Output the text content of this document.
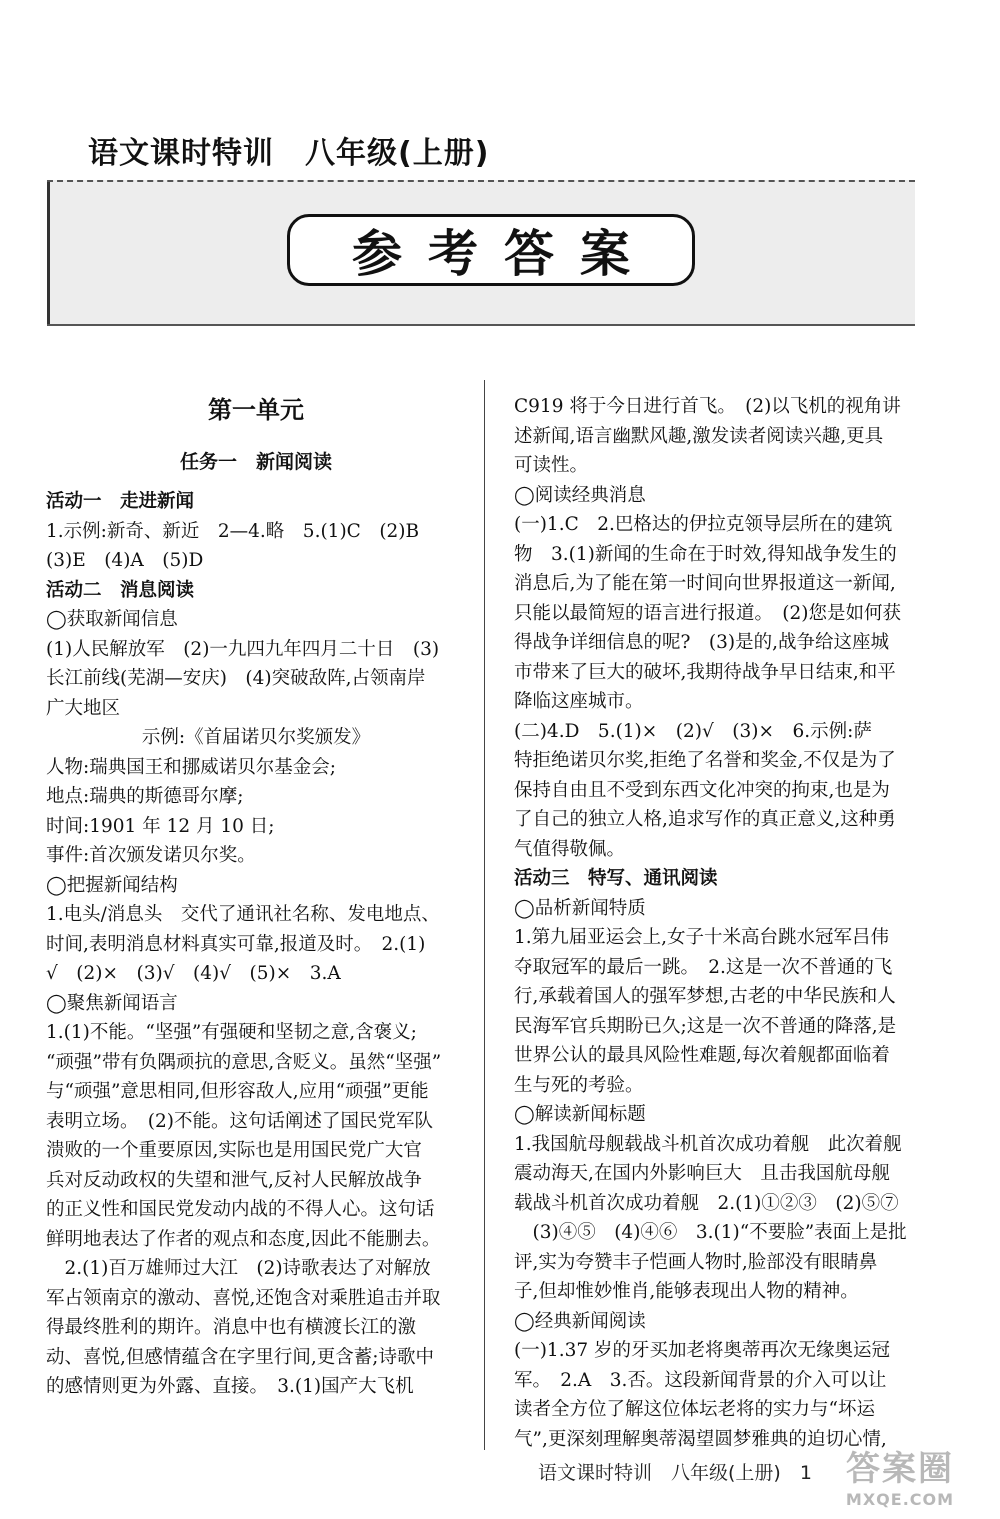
语文课时特训　八年级(上册)
参考答案

第一单元

任务一　新闻阅读

活动一　走进新闻

1.示例:新奇、新近　2—4.略　5.(1)C　(2)B

(3)E　(4)A　(5)D

活动二　消息阅读

◯获取新闻信息

(1)人民解放军　(2)一九四九年四月二十日　(3)

长江前线(芜湖—安庆)　(4)突破敌阵,占领南岸

广大地区

示例:《首届诺贝尔奖颁发》

人物:瑞典国王和挪威诺贝尔基金会;

地点:瑞典的斯德哥尔摩;

时间:1901 年 12 月 10 日;

事件:首次颁发诺贝尔奖。

◯把握新闻结构

1.电头/消息头　交代了通讯社名称、发电地点、

时间,表明消息材料真实可靠,报道及时。　2.(1)

√　(2)×　(3)√　(4)√　(5)×　3.A

◯聚焦新闻语言

1.(1)不能。“坚强”有强硬和坚韧之意,含褒义;

“顽强”带有负隅顽抗的意思,含贬义。虽然“坚强”

与“顽强”意思相同,但形容敌人,应用“顽强”更能

表明立场。　(2)不能。这句话阐述了国民党军队

溃败的一个重要原因,实际也是用国民党广大官

兵对反动政权的失望和泄气,反衬人民解放战争

的正义性和国民党发动内战的不得人心。这句话

鲜明地表达了作者的观点和态度,因此不能删去。

　2.(1)百万雄师过大江　(2)诗歌表达了对解放

军占领南京的激动、喜悦,还饱含对乘胜追击并取

得最终胜利的期许。消息中也有横渡长江的激

动、喜悦,但感情蕴含在字里行间,更含蓄;诗歌中

的感情则更为外露、直接。　3.(1)国产大飞机

C919 将于今日进行首飞。　(2)以飞机的视角讲

述新闻,语言幽默风趣,激发读者阅读兴趣,更具

可读性。

◯阅读经典消息

(一)1.C　2.巴格达的伊拉克领导层所在的建筑

物　3.(1)新闻的生命在于时效,得知战争发生的

消息后,为了能在第一时间向世界报道这一新闻,

只能以最简短的语言进行报道。　(2)您是如何获

得战争详细信息的呢?　(3)是的,战争给这座城

市带来了巨大的破坏,我期待战争早日结束,和平

降临这座城市。

(二)4.D　5.(1)×　(2)√　(3)×　6.示例:萨

特拒绝诺贝尔奖,拒绝了名誉和奖金,不仅是为了

保持自由且不受到东西文化冲突的拘束,也是为

了自己的独立人格,追求写作的真正意义,这种勇

气值得敬佩。

活动三　特写、通讯阅读

◯品析新闻特质

1.第九届亚运会上,女子十米高台跳水冠军吕伟

夺取冠军的最后一跳。　2.这是一次不普通的飞

行,承载着国人的强军梦想,古老的中华民族和人

民海军官兵期盼已久;这是一次不普通的降落,是

世界公认的最具风险性难题,每次着舰都面临着

生与死的考验。

◯解读新闻标题

1.我国航母舰载战斗机首次成功着舰　此次着舰

震动海天,在国内外影响巨大　且击我国航母舰

载战斗机首次成功着舰　2.(1)①②③　(2)⑤⑦

　(3)④⑤　(4)④⑥　3.(1)“不要脸”表面上是批

评,实为夸赞丰子恺画人物时,脸部没有眼睛鼻

子,但却惟妙惟肖,能够表现出人物的精神。

◯经典新闻阅读

(一)1.37 岁的牙买加老将奥蒂再次无缘奥运冠

军。　2.A　3.否。这段新闻背景的介入可以让

读者全方位了解这位体坛老将的实力与“坏运

气”,更深刻理解奥蒂渴望圆梦雅典的迫切心情,

语文课时特训　八年级(上册)　1 答案圈
MXQE.COM
